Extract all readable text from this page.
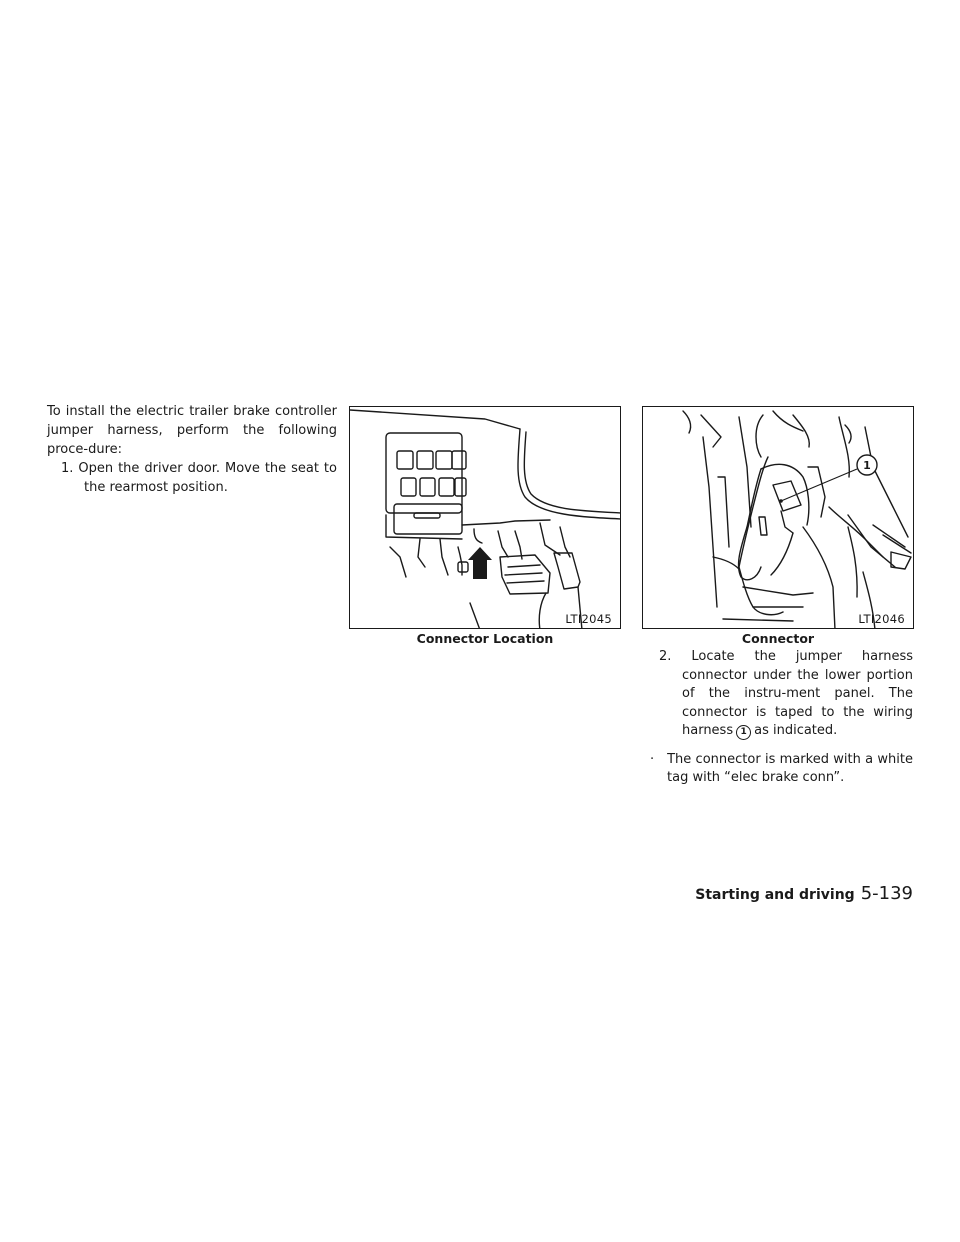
To install the electric trailer brake controller jumper harness, perform the following proce-dure:

1. Open the driver door. Move the seat to the rearmost position.

LTI2045
Connector Location
1
LTI2046
Connector

2. Locate the jumper harness connector under the lower portion of the instru-ment panel. The connector is taped to the wiring harness 1 as indicated.

· The connector is marked with a white tag with “elec brake conn”.

Starting and driving 5-139
